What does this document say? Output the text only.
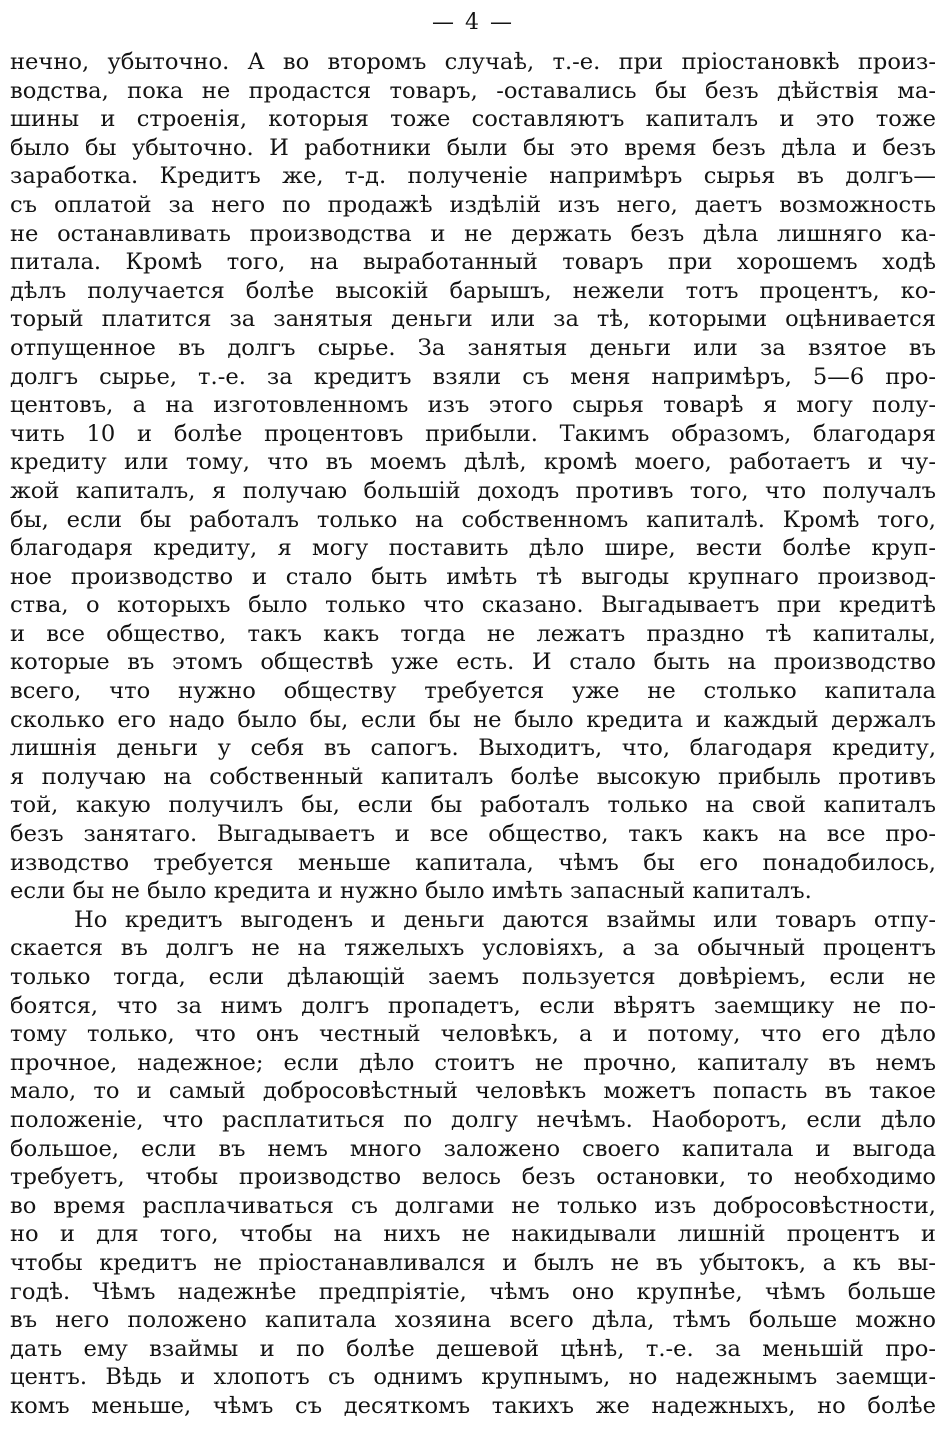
— 4 —
нечно, убыточно. А во второмъ случаѣ, т.-е. при пріостановкѣ произ-
водства, пока не продастся товаръ, -оставались бы безъ дѣйствія ма-
шины и строенія, которыя тоже составляютъ капиталъ и это тоже
было бы убыточно. И работники были бы это время безъ дѣла и безъ
заработка. Кредитъ же, т-д. полученіе напримѣръ сырья въ долгъ—
съ оплатой за него по продажѣ издѣлій изъ него, даетъ возможность
не останавливать производства и не держать безъ дѣла лишняго ка-
питала. Кромѣ того, на выработанный товаръ при хорошемъ ходѣ
дѣлъ получается болѣе высокій барышъ, нежели тотъ процентъ, ко-
торый платится за занятыя деньги или за тѣ, которыми оцѣнивается
отпущенное въ долгъ сырье. За занятыя деньги или за взятое въ
долгъ сырье, т.-е. за кредитъ взяли съ меня напримѣръ, 5—6 про-
центовъ, а на изготовленномъ изъ этого сырья товарѣ я могу полу-
чить 10 и болѣе процентовъ прибыли. Такимъ образомъ, благодаря
кредиту или тому, что въ моемъ дѣлѣ, кромѣ моего, работаетъ и чу-
жой капиталъ, я получаю большій доходъ противъ того, что получалъ
бы, если бы работалъ только на собственномъ капиталѣ. Кромѣ того,
благодаря кредиту, я могу поставить дѣло шире, вести болѣе круп-
ное производство и стало быть имѣть тѣ выгоды крупнаго производ-
ства, о которыхъ было только что сказано. Выгадываетъ при кредитѣ
и все общество, такъ какъ тогда не лежатъ праздно тѣ капиталы,
которые въ этомъ обществѣ уже есть. И стало быть на производство
всего, что нужно обществу требуется уже не столько капитала
сколько его надо было бы, если бы не было кредита и каждый держалъ
лишнія деньги у себя въ сапогъ. Выходитъ, что, благодаря кредиту,
я получаю на собственный капиталъ болѣе высокую прибыль противъ
той, какую получилъ бы, если бы работалъ только на свой капиталъ
безъ занятаго. Выгадываетъ и все общество, такъ какъ на все про-
изводство требуется меньше капитала, чѣмъ бы его понадобилось,
если бы не было кредита и нужно было имѣть запасный капиталъ.
Но кредитъ выгоденъ и деньги даются взаймы или товаръ отпу-
скается въ долгъ не на тяжелыхъ условіяхъ, а за обычный процентъ
только тогда, если дѣлающій заемъ пользуется довѣріемъ, если не
боятся, что за нимъ долгъ пропадетъ, если вѣрятъ заемщику не по-
тому только, что онъ честный человѣкъ, а и потому, что его дѣло
прочное, надежное; если дѣло стоитъ не прочно, капиталу въ немъ
мало, то и самый добросовѣстный человѣкъ можетъ попасть въ такое
положеніе, что расплатиться по долгу нечѣмъ. Наоборотъ, если дѣло
большое, если въ немъ много заложено своего капитала и выгода
требуетъ, чтобы производство велось безъ остановки, то необходимо
во время расплачиваться съ долгами не только изъ добросовѣстности,
но и для того, чтобы на нихъ не накидывали лишній процентъ и
чтобы кредитъ не пріостанавливался и былъ не въ убытокъ, а къ вы-
годѣ. Чѣмъ надежнѣе предпріятіе, чѣмъ оно крупнѣе, чѣмъ больше
въ него положено капитала хозяина всего дѣла, тѣмъ больше можно
дать ему взаймы и по болѣе дешевой цѣнѣ, т.-е. за меньшій про-
центъ. Вѣдь и хлопотъ съ однимъ крупнымъ, но надежнымъ заемщи-
комъ меньше, чѣмъ съ десяткомъ такихъ же надежныхъ, но болѣе
